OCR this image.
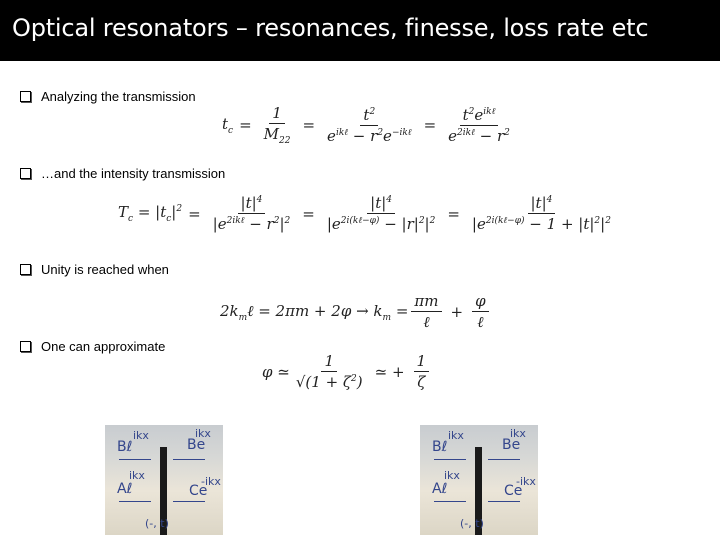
Optical resonators – resonances, finesse, loss rate etc
Analyzing the transmission
$t_c = \frac{1}{M_{22}} = \frac{t^2}{e^{ik\ell} - r^2e^{-ik\ell}} = \frac{t^2e^{ik\ell}}{e^{2ik\ell} - r^2}$
…and the intensity transmission
$T_c = |t_c|^2 = \frac{|t|^4}{|e^{2ik\ell} - r^2|^2} = \frac{|t|^4}{|e^{2i(k\ell-\varphi)} - |r|^2|^2} = \frac{|t|^4}{|e^{2i(k\ell-\varphi)} - 1 + |t|^2|^2}$
Unity is reached when
$2k_m\ell = 2\pi m + 2\varphi \to k_m = \frac{\pi m}{\text{ℓ}} + \frac{\varphi}{\text{ℓ}}$
One can approximate
φ ≃ $\frac{1}{√(1 + \zeta^2)}$ ≃ + $\frac{1}{\zeta}$
ikx	ikx
Bℓ	Be
ikx	-ikx
Aℓ	Ce
(-, t)
ikx	ikx
Bℓ	Be
ikx	-ikx
Aℓ	Ce
(-, t)
